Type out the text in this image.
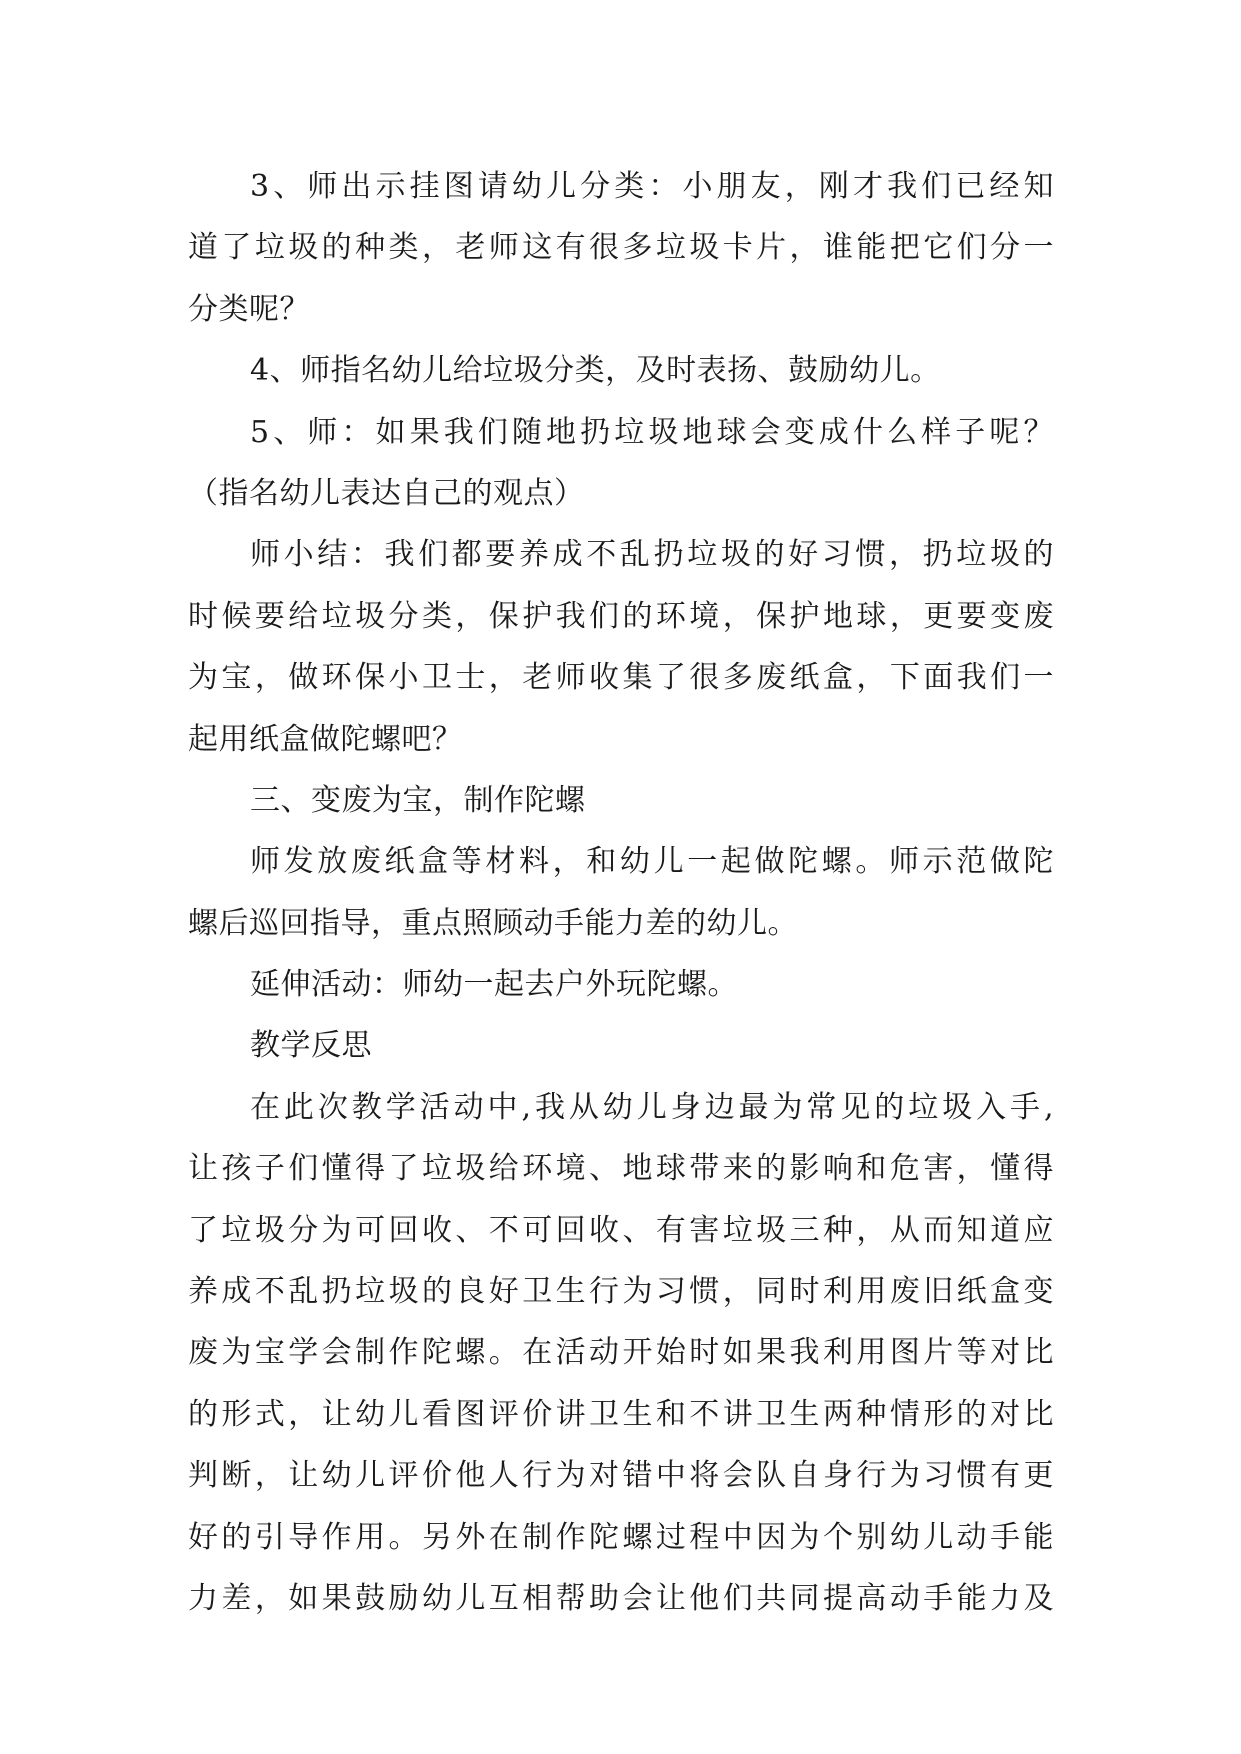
3、师出示挂图请幼儿分类：小朋友，刚才我们已经知
道了垃圾的种类，老师这有很多垃圾卡片，谁能把它们分一
分类呢？
4、师指名幼儿给垃圾分类，及时表扬、鼓励幼儿。
5、师：如果我们随地扔垃圾地球会变成什么样子呢？
（指名幼儿表达自己的观点）
师小结：我们都要养成不乱扔垃圾的好习惯，扔垃圾的
时候要给垃圾分类，保护我们的环境，保护地球，更要变废
为宝，做环保小卫士，老师收集了很多废纸盒，下面我们一
起用纸盒做陀螺吧？
三、变废为宝，制作陀螺
师发放废纸盒等材料，和幼儿一起做陀螺。师示范做陀
螺后巡回指导，重点照顾动手能力差的幼儿。
延伸活动：师幼一起去户外玩陀螺。
教学反思
在此次教学活动中,我从幼儿身边最为常见的垃圾入手,
让孩子们懂得了垃圾给环境、地球带来的影响和危害，懂得
了垃圾分为可回收、不可回收、有害垃圾三种，从而知道应
养成不乱扔垃圾的良好卫生行为习惯，同时利用废旧纸盒变
废为宝学会制作陀螺。在活动开始时如果我利用图片等对比
的形式，让幼儿看图评价讲卫生和不讲卫生两种情形的对比
判断，让幼儿评价他人行为对错中将会队自身行为习惯有更
好的引导作用。另外在制作陀螺过程中因为个别幼儿动手能
力差，如果鼓励幼儿互相帮助会让他们共同提高动手能力及
